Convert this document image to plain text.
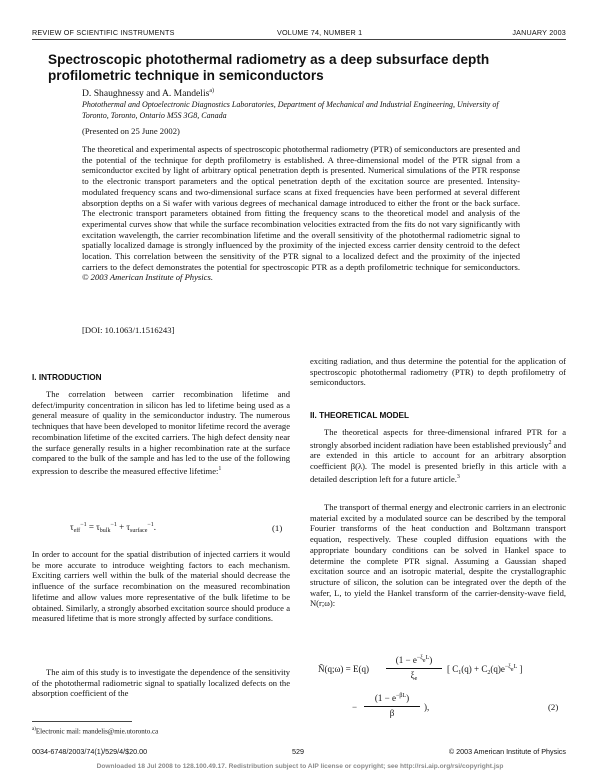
REVIEW OF SCIENTIFIC INSTRUMENTS	VOLUME 74, NUMBER 1	JANUARY 2003
Spectroscopic photothermal radiometry as a deep subsurface depth profilometric technique in semiconductors
D. Shaughnessy and A. Mandelis$^{a)}$
Photothermal and Optoelectronic Diagnostics Laboratories, Department of Mechanical and Industrial Engineering, University of Toronto, Toronto, Ontario M5S 3G8, Canada
(Presented on 25 June 2002)
The theoretical and experimental aspects of spectroscopic photothermal radiometry (PTR) of semiconductors are presented and the potential of the technique for depth profilometry is established. A three-dimensional model of the PTR signal from a semiconductor excited by light of arbitrary optical penetration depth is presented. Numerical simulations of the PTR response to the electronic transport parameters and the optical penetration depth of the excitation source are presented. Intensity-modulated frequency scans and two-dimensional surface scans at fixed frequencies have been performed at several different absorption depths on a Si wafer with various degrees of mechanical damage introduced to either the front or the back surface. The electronic transport parameters obtained from fitting the frequency scans to the theoretical model and analysis of the experimental curves show that while the surface recombination velocities extracted from the fits do not vary significantly with excitation wavelength, the carrier recombination lifetime and the overall sensitivity of the photothermal radiometric signal to spatially localized damage is strongly influenced by the proximity of the injected excess carrier density centroid to the defect location. This correlation between the sensitivity of the PTR signal to a localized defect and the proximity of the injected carriers to the defect demonstrates the potential for spectroscopic PTR as a depth profilometric technique for semiconductors. © 2003 American Institute of Physics.
[DOI: 10.1063/1.1516243]
I. INTRODUCTION

The correlation between carrier recombination lifetime and defect/impurity concentration in silicon has led to lifetime being used as a general measure of quality in the semiconductor industry. The numerous techniques that have been developed to monitor lifetime record the average recombination lifetime of the excited carriers. The high defect density near the surface generally results in a higher recombination rate at the surface compared to the bulk of the sample and has led to the use of the following expression to describe the measured effective lifetime:$^1$

$\tau_{eff}^{-1} = \tau_{bulk}^{-1} + \tau_{surface}^{-1}$.	(1)

In order to account for the spatial distribution of injected carriers it would be more accurate to introduce weighting factors to each mechanism. Exciting carriers well within the bulk of the material should decrease the influence of the surface recombination on the measured recombination lifetime and allow values more representative of the bulk lifetime to be obtained. Similarly, a strongly absorbed excitation source should produce a measured lifetime that is more strongly affected by surface conditions.

The aim of this study is to investigate the dependence of the sensitivity of the photothermal radiometric signal to spatially localized defects on the absorption coefficient of the

exciting radiation, and thus determine the potential for the application of spectroscopic photothermal radiometry (PTR) to depth profilometry of semiconductors.

II. THEORETICAL MODEL

The theoretical aspects for three-dimensional infrared PTR for a strongly absorbed incident radiation have been established previously$^2$ and are extended in this article to account for an arbitrary absorption coefficient β(λ). The model is presented briefly in this article with a detailed description left for a future article.$^3$

The transport of thermal energy and electronic carriers in an electronic material excited by a modulated source can be described by the temporal Fourier transforms of the heat conduction and Boltzmann transport equation, respectively. These coupled diffusion equations with the appropriate boundary conditions can be solved in Hankel space to determine the complete PTR signal. Assuming a Gaussian shaped excitation source and an isotropic material, despite the crystallographic structure of silicon, the solution can be integrated over the depth of the wafer, L, to yield the Hankel transform of the carrier-density-wave field, N(r;ω):

Ñ(q;ω) = E(q)
$(1 - e^{-\xi}e^L)$
$\xi_e$
[ $C_1(q) + C_2(q)e^{-\xi}e^L$ ]
−
$(1 - e^{-\beta L})$
β
),	(2)
$^{a)}$Electronic mail: mandelis@mie.utoronto.ca
0034-6748/2003/74(1)/529/4/$20.00	529	© 2003 American Institute of Physics
Downloaded 18 Jul 2008 to 128.100.49.17. Redistribution subject to AIP license or copyright; see http://rsi.aip.org/rsi/copyright.jsp
